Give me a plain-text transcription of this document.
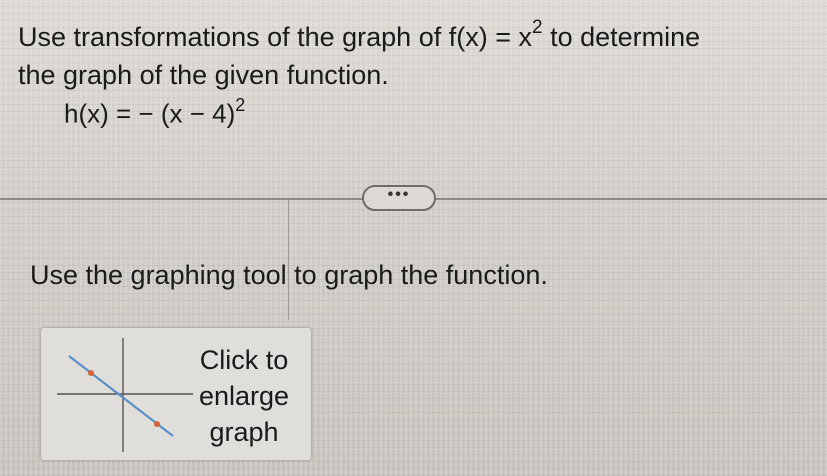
Use transformations of the graph of $f(x) = x^2$ to determine
the graph of the given function.
h(x) = − $(x - 4)^2$
•••
Use the graphing tool to graph the function.
Click to
enlarge
graph
